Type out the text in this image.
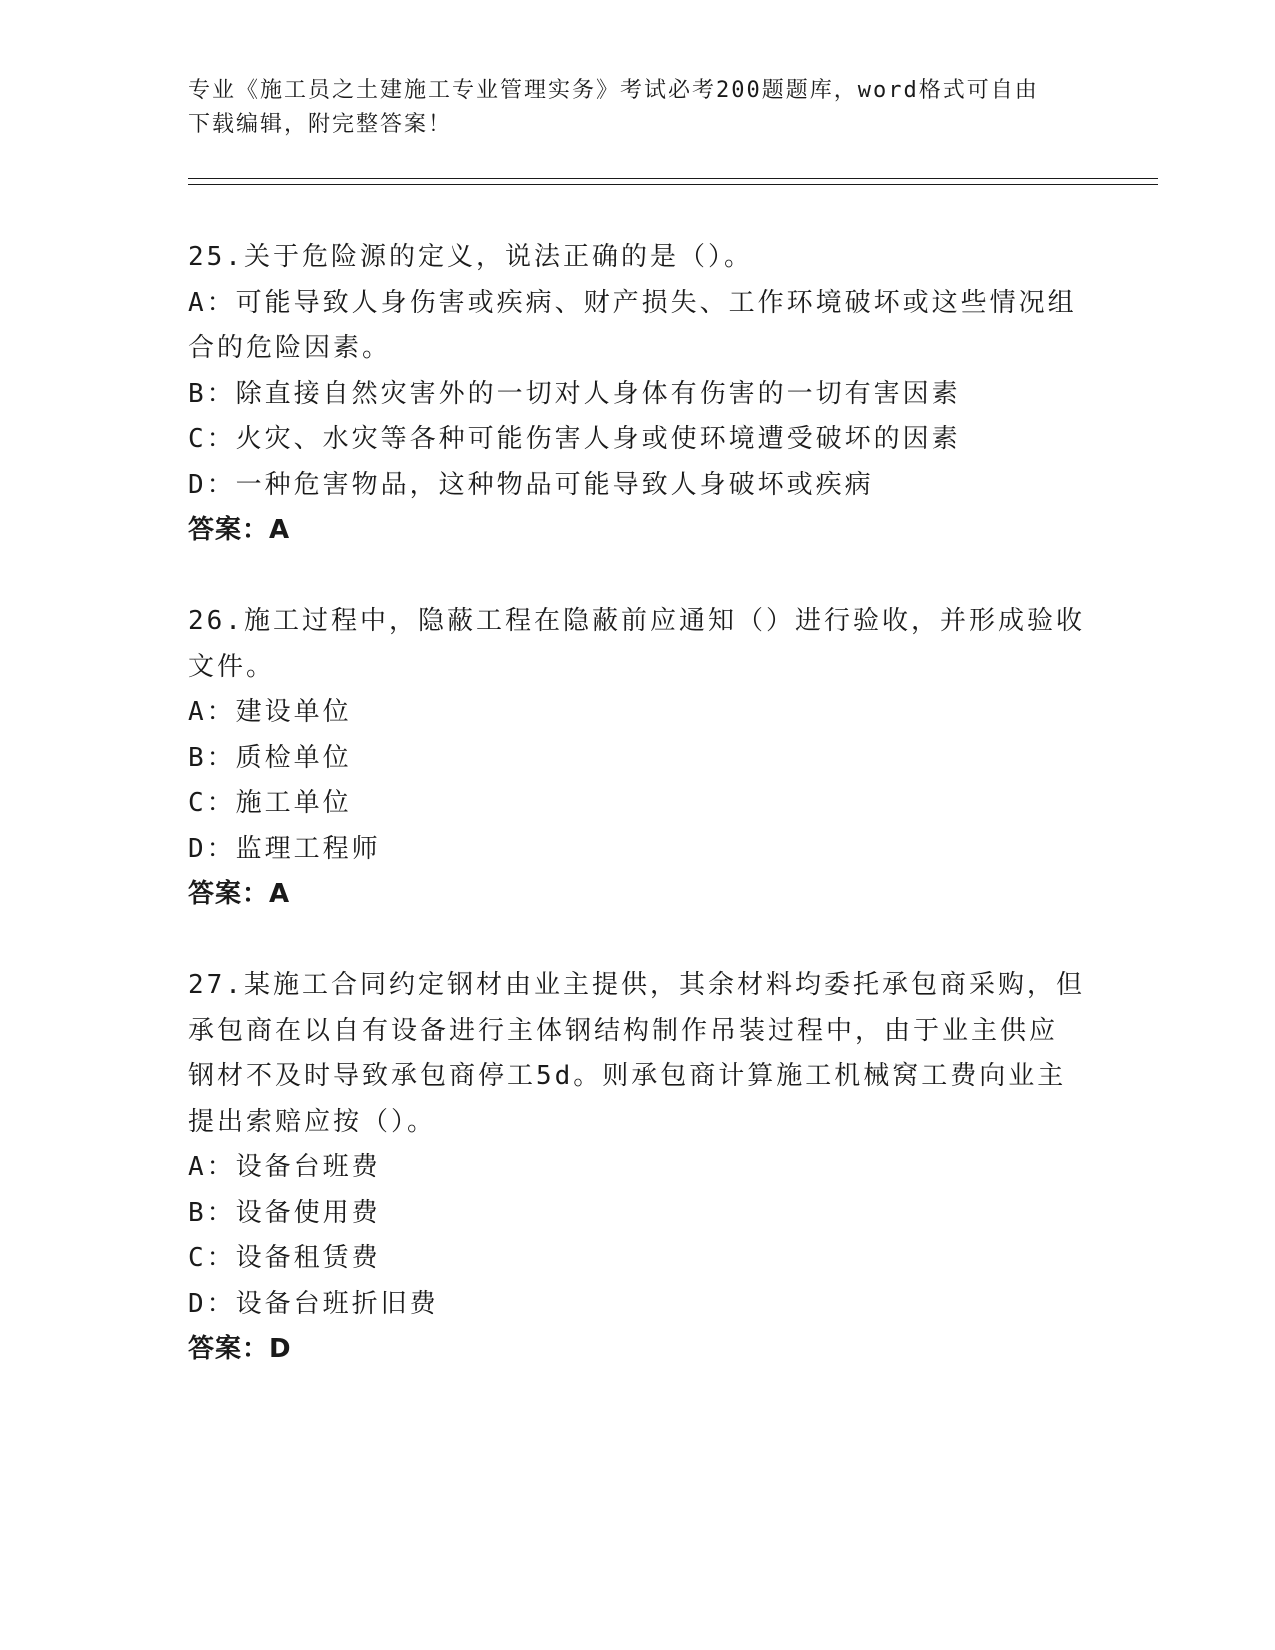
专业《施工员之土建施工专业管理实务》考试必考200题题库，word格式可自由
下载编辑，附完整答案！
25.关于危险源的定义，说法正确的是（）。
A：可能导致人身伤害或疾病、财产损失、工作环境破坏或这些情况组
合的危险因素。
B：除直接自然灾害外的一切对人身体有伤害的一切有害因素
C：火灾、水灾等各种可能伤害人身或使环境遭受破坏的因素
D：一种危害物品，这种物品可能导致人身破坏或疾病
答案：A
26.施工过程中，隐蔽工程在隐蔽前应通知（）进行验收，并形成验收
文件。
A：建设单位
B：质检单位
C：施工单位
D：监理工程师
答案：A
27.某施工合同约定钢材由业主提供，其余材料均委托承包商采购，但
承包商在以自有设备进行主体钢结构制作吊装过程中，由于业主供应
钢材不及时导致承包商停工5d。则承包商计算施工机械窝工费向业主
提出索赔应按（）。
A：设备台班费
B：设备使用费
C：设备租赁费
D：设备台班折旧费
答案：D
